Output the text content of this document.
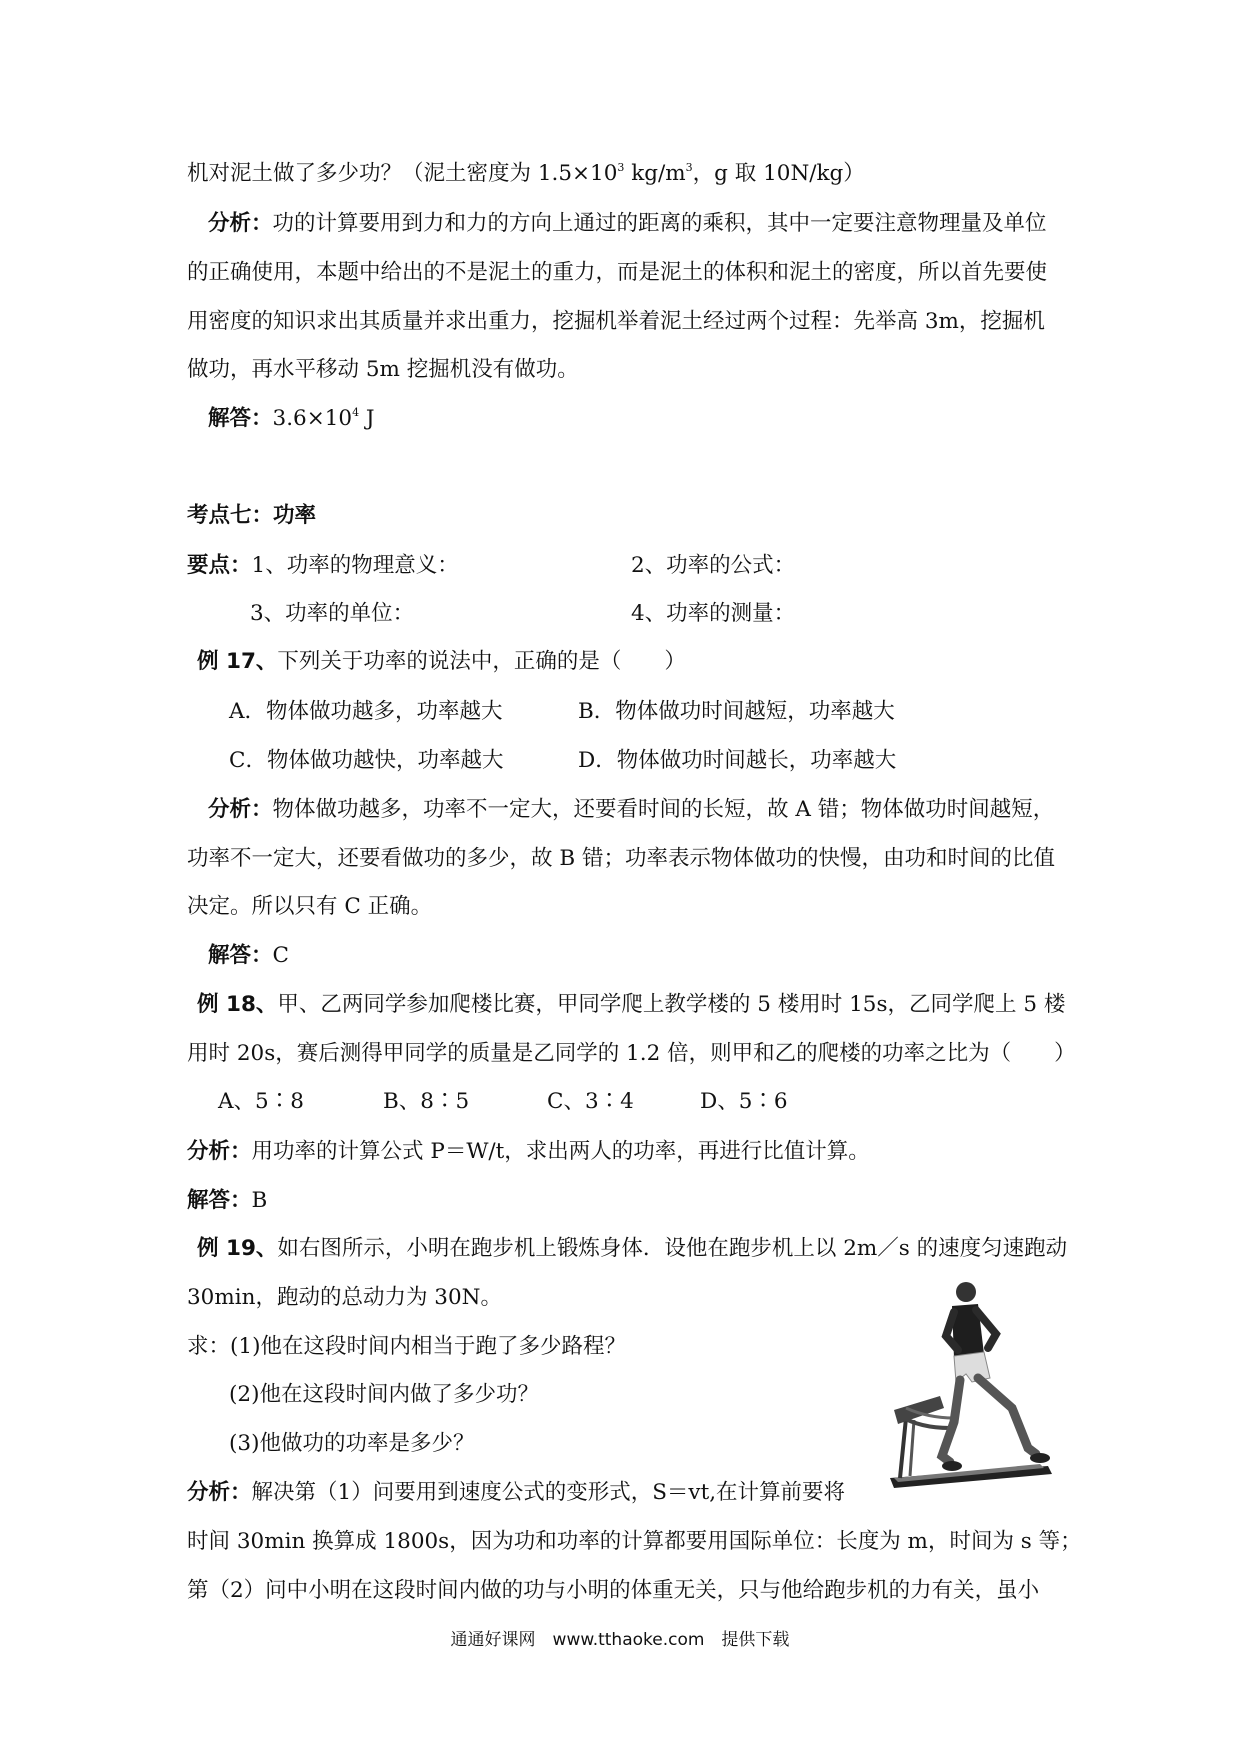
机对泥土做了多少功？（泥土密度为 $1.5\times 10^3$ $kg/m^3$，g 取 10N/kg）
分析：功的计算要用到力和力的方向上通过的距离的乘积，其中一定要注意物理量及单位
的正确使用，本题中给出的不是泥土的重力，而是泥土的体积和泥土的密度，所以首先要使
用密度的知识求出其质量并求出重力，挖掘机举着泥土经过两个过程：先举高 3m，挖掘机
做功，再水平移动 5m 挖掘机没有做功。
解答：$3.6\times 10^4$ J
考点七：功率
要点：1、功率的物理意义：	2、功率的公式：
3、功率的单位：	4、功率的测量：
例 17、下列关于功率的说法中，正确的是（　　）
A．物体做功越多，功率越大	B．物体做功时间越短，功率越大
C．物体做功越快，功率越大	D．物体做功时间越长，功率越大
分析：物体做功越多，功率不一定大，还要看时间的长短，故 A 错；物体做功时间越短，
功率不一定大，还要看做功的多少，故 B 错；功率表示物体做功的快慢，由功和时间的比值
决定。所以只有 C 正确。
解答：C
例 18、甲、乙两同学参加爬楼比赛，甲同学爬上教学楼的 5 楼用时 15s，乙同学爬上 5 楼
用时 20s，赛后测得甲同学的质量是乙同学的 1.2 倍，则甲和乙的爬楼的功率之比为（　　）
A、5∶8	B、8∶5	C、3∶4	D、5∶6
分析：用功率的计算公式 P＝W/t，求出两人的功率，再进行比值计算。
解答：B
例 19、如右图所示，小明在跑步机上锻炼身体．设他在跑步机上以 2m／s 的速度匀速跑动
30min，跑动的总动力为 30N。
求：(1)他在这段时间内相当于跑了多少路程？
(2)他在这段时间内做了多少功？
(3)他做功的功率是多少？
分析：解决第（1）问要用到速度公式的变形式，S＝vt,在计算前要将
时间 30min 换算成 1800s，因为功和功率的计算都要用国际单位：长度为 m，时间为 s 等；
第（2）问中小明在这段时间内做的功与小明的体重无关，只与他给跑步机的力有关，虽小
通通好课网　www.tthaoke.com　提供下载
